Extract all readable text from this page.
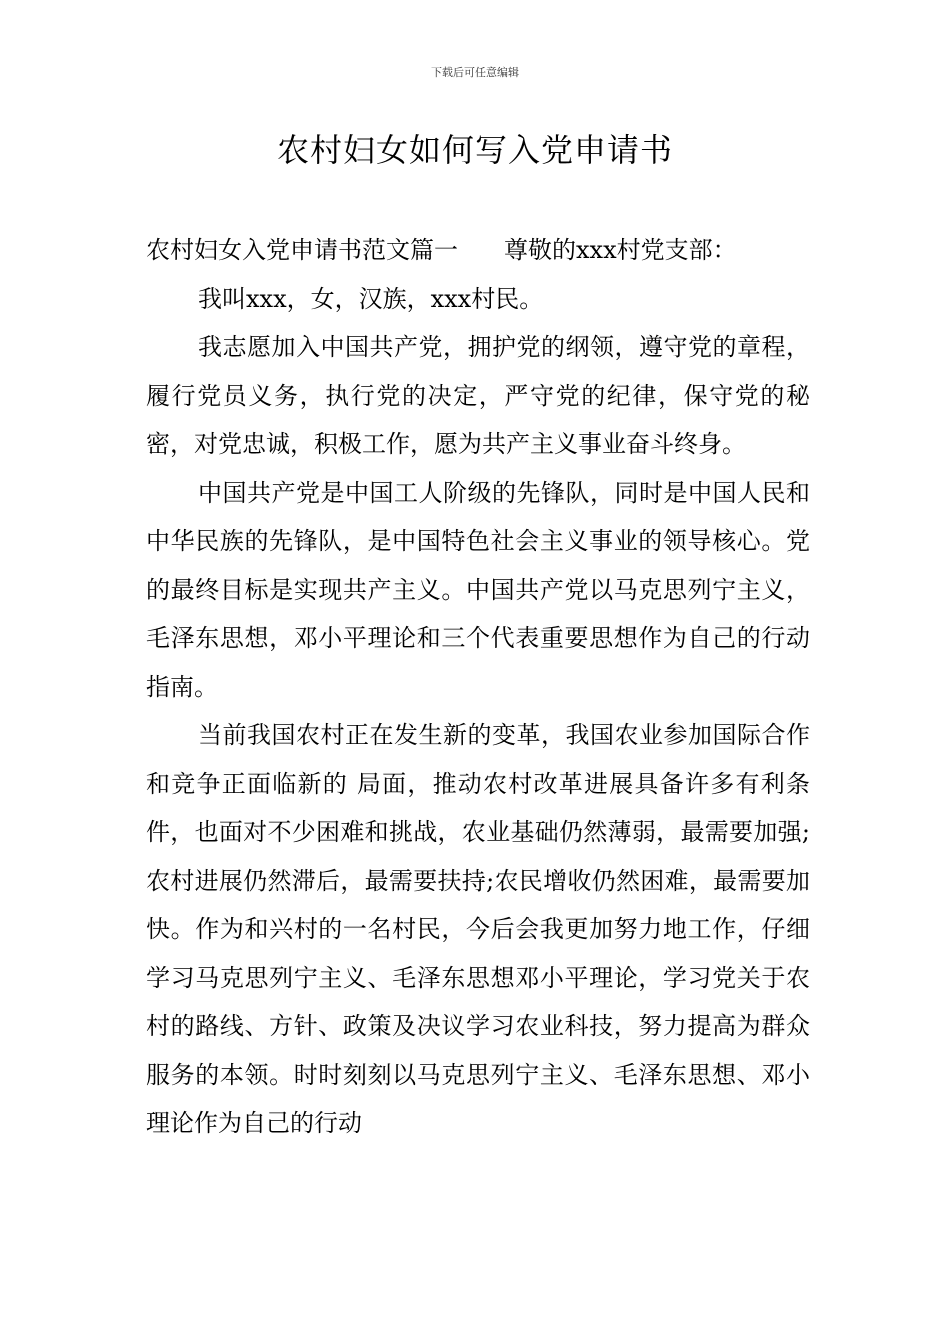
下载后可任意编辑
农村妇女如何写入党申请书

农村妇女入党申请书范文篇一 尊敬的xxx村党支部：

我叫xxx，女，汉族，xxx村民。

我志愿加入中国共产党，拥护党的纲领，遵守党的章程，履行党员义务，执行党的决定，严守党的纪律，保守党的秘密，对党忠诚，积极工作，愿为共产主义事业奋斗终身。

中国共产党是中国工人阶级的先锋队，同时是中国人民和中华民族的先锋队，是中国特色社会主义事业的领导核心。党的最终目标是实现共产主义。中国共产党以马克思列宁主义，毛泽东思想，邓小平理论和三个代表重要思想作为自己的行动指南。

当前我国农村正在发生新的变革，我国农业参加国际合作和竞争正面临新的 局面，推动农村改革进展具备许多有利条件，也面对不少困难和挑战，农业基础仍然薄弱，最需要加强;农村进展仍然滞后，最需要扶持;农民增收仍然困难，最需要加快。作为和兴村的一名村民，今后会我更加努力地工作，仔细学习马克思列宁主义、毛泽东思想邓小平理论，学习党关于农村的路线、方针、政策及决议学习农业科技，努力提高为群众服务的本领。时时刻刻以马克思列宁主义、毛泽东思想、邓小理论作为自己的行动
